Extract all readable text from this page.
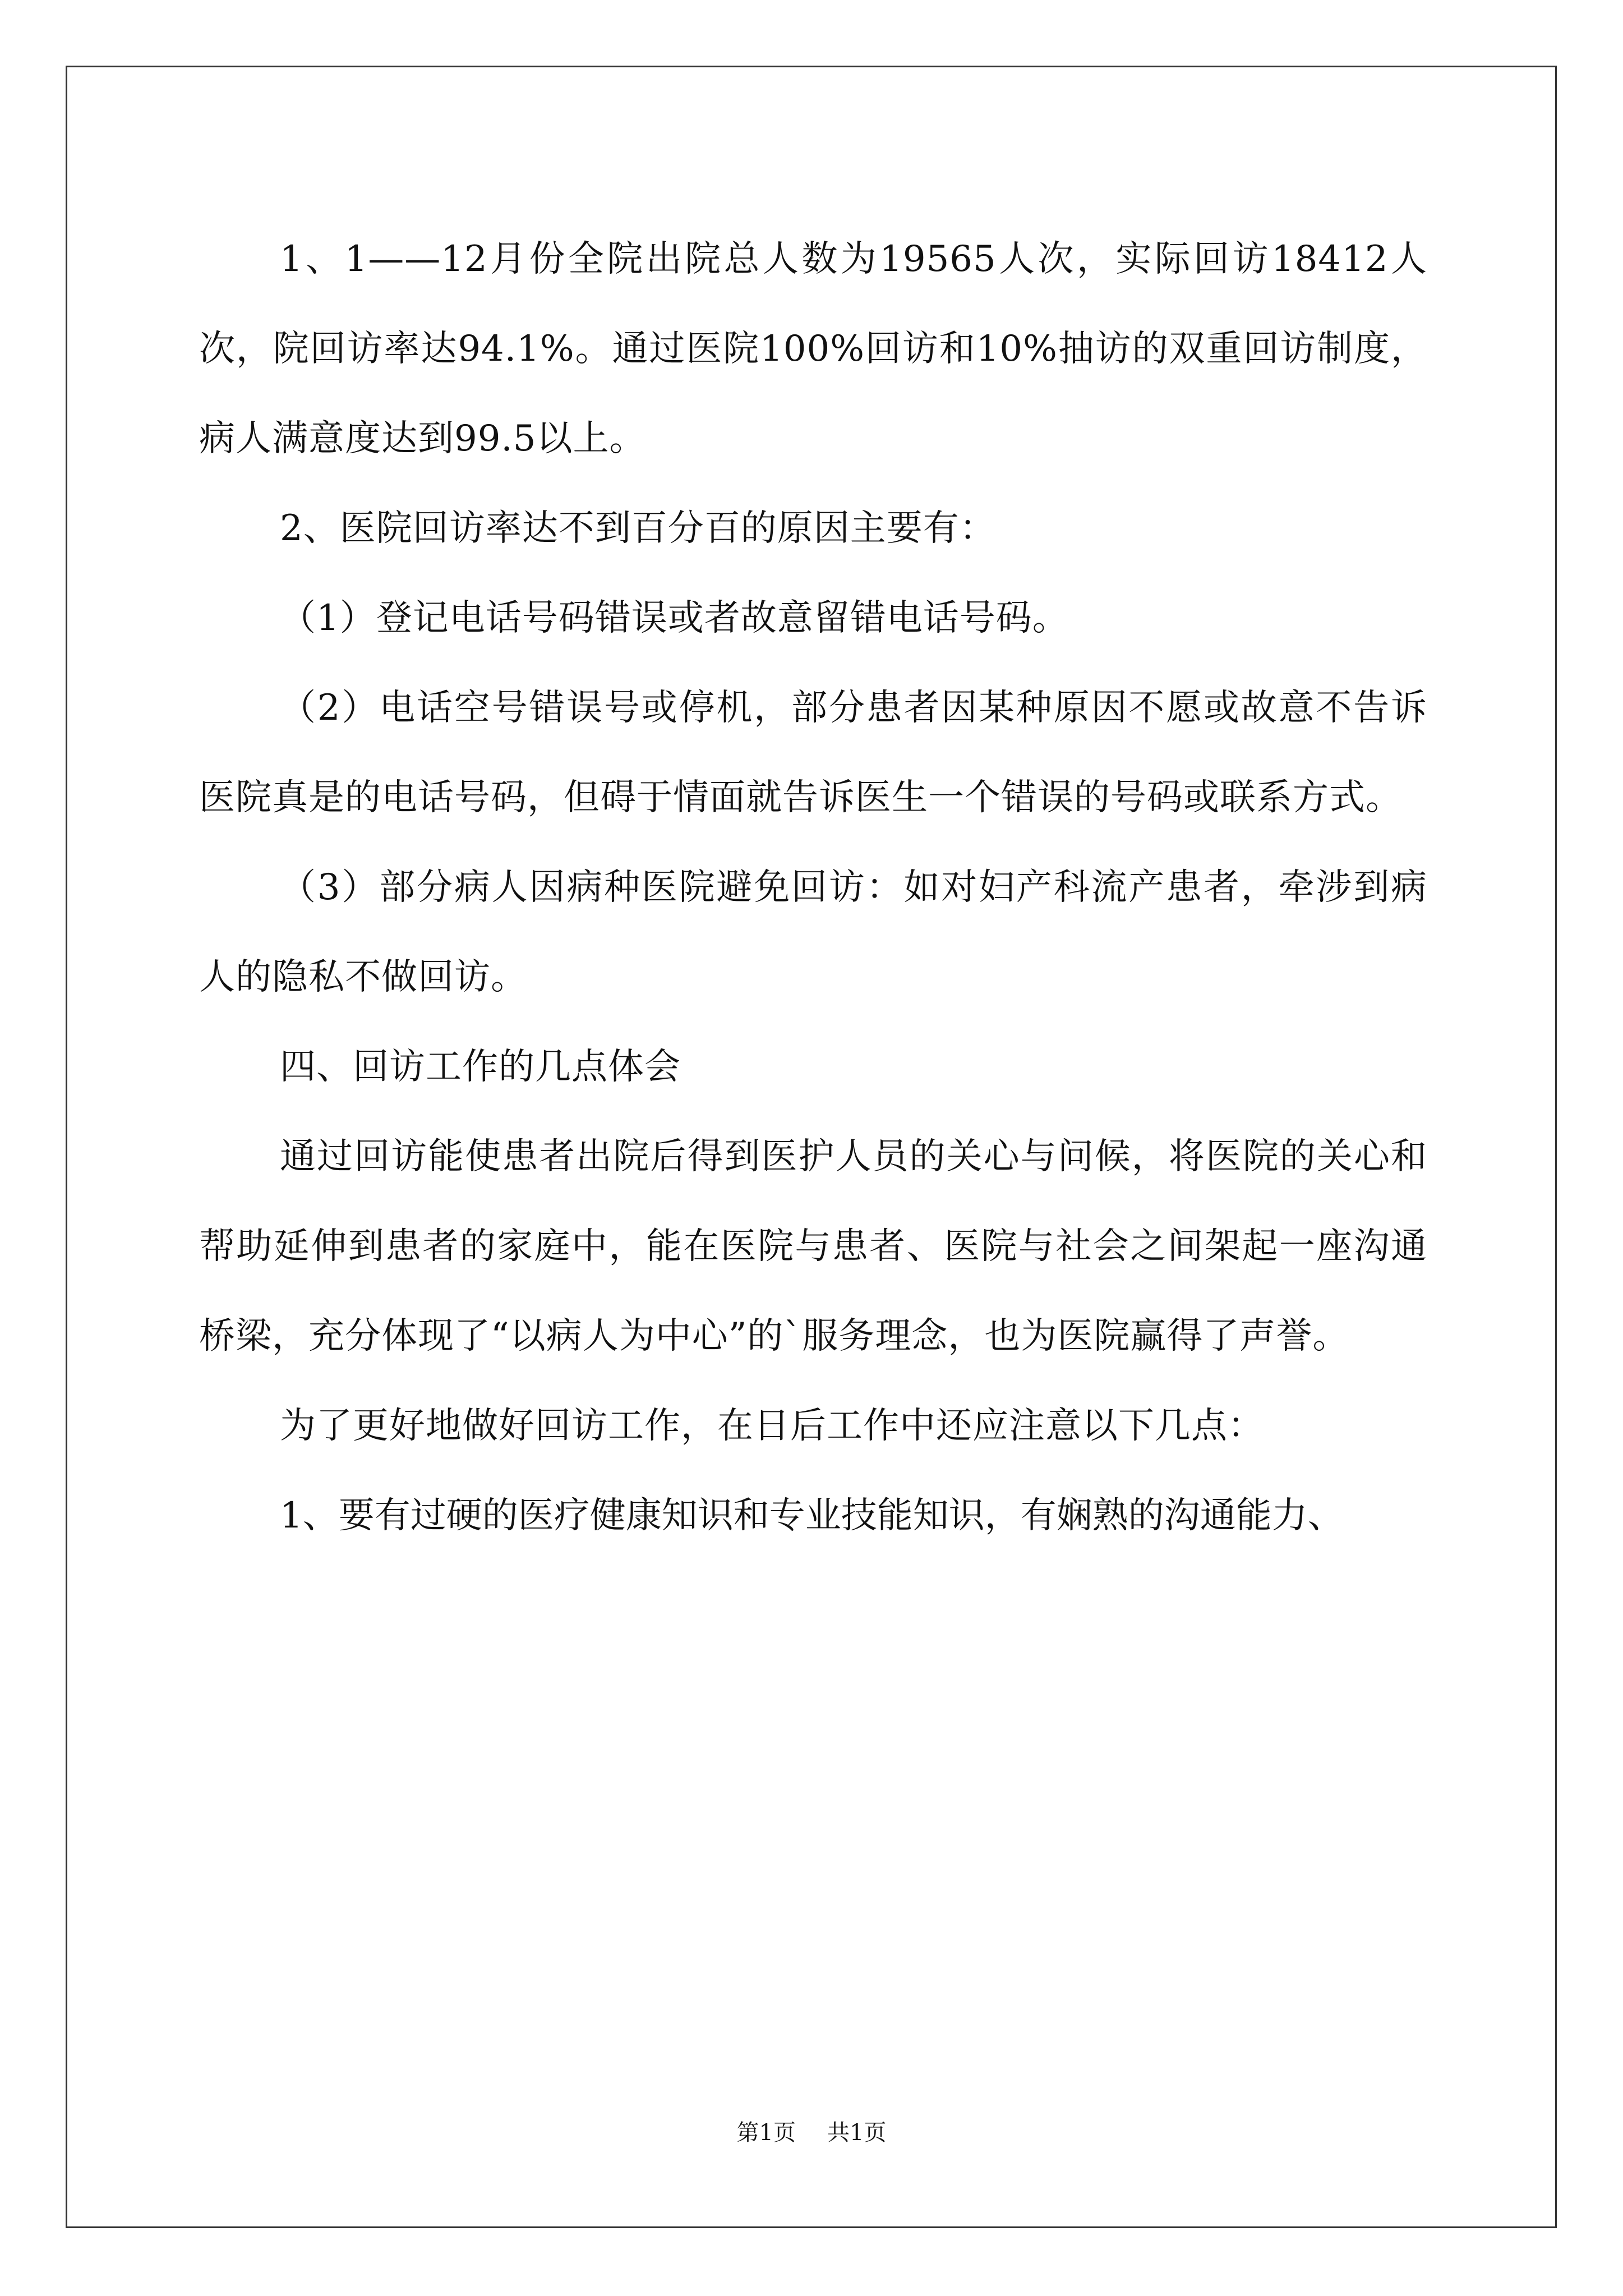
1、1——12月份全院出院总人数为19565人次，实际回访18412人次，院回访率达94.1%。通过医院100%回访和10%抽访的双重回访制度，病人满意度达到99.5以上。

2、医院回访率达不到百分百的原因主要有：

（1）登记电话号码错误或者故意留错电话号码。

（2）电话空号错误号或停机，部分患者因某种原因不愿或故意不告诉医院真是的电话号码，但碍于情面就告诉医生一个错误的号码或联系方式。

（3）部分病人因病种医院避免回访：如对妇产科流产患者，牵涉到病人的隐私不做回访。

四、回访工作的几点体会

通过回访能使患者出院后得到医护人员的关心与问候，将医院的关心和帮助延伸到患者的家庭中，能在医院与患者、医院与社会之间架起一座沟通桥梁，充分体现了“以病人为中心”的`服务理念，也为医院赢得了声誉。

为了更好地做好回访工作，在日后工作中还应注意以下几点：

1、要有过硬的医疗健康知识和专业技能知识，有娴熟的沟通能力、

第1页 共1页
